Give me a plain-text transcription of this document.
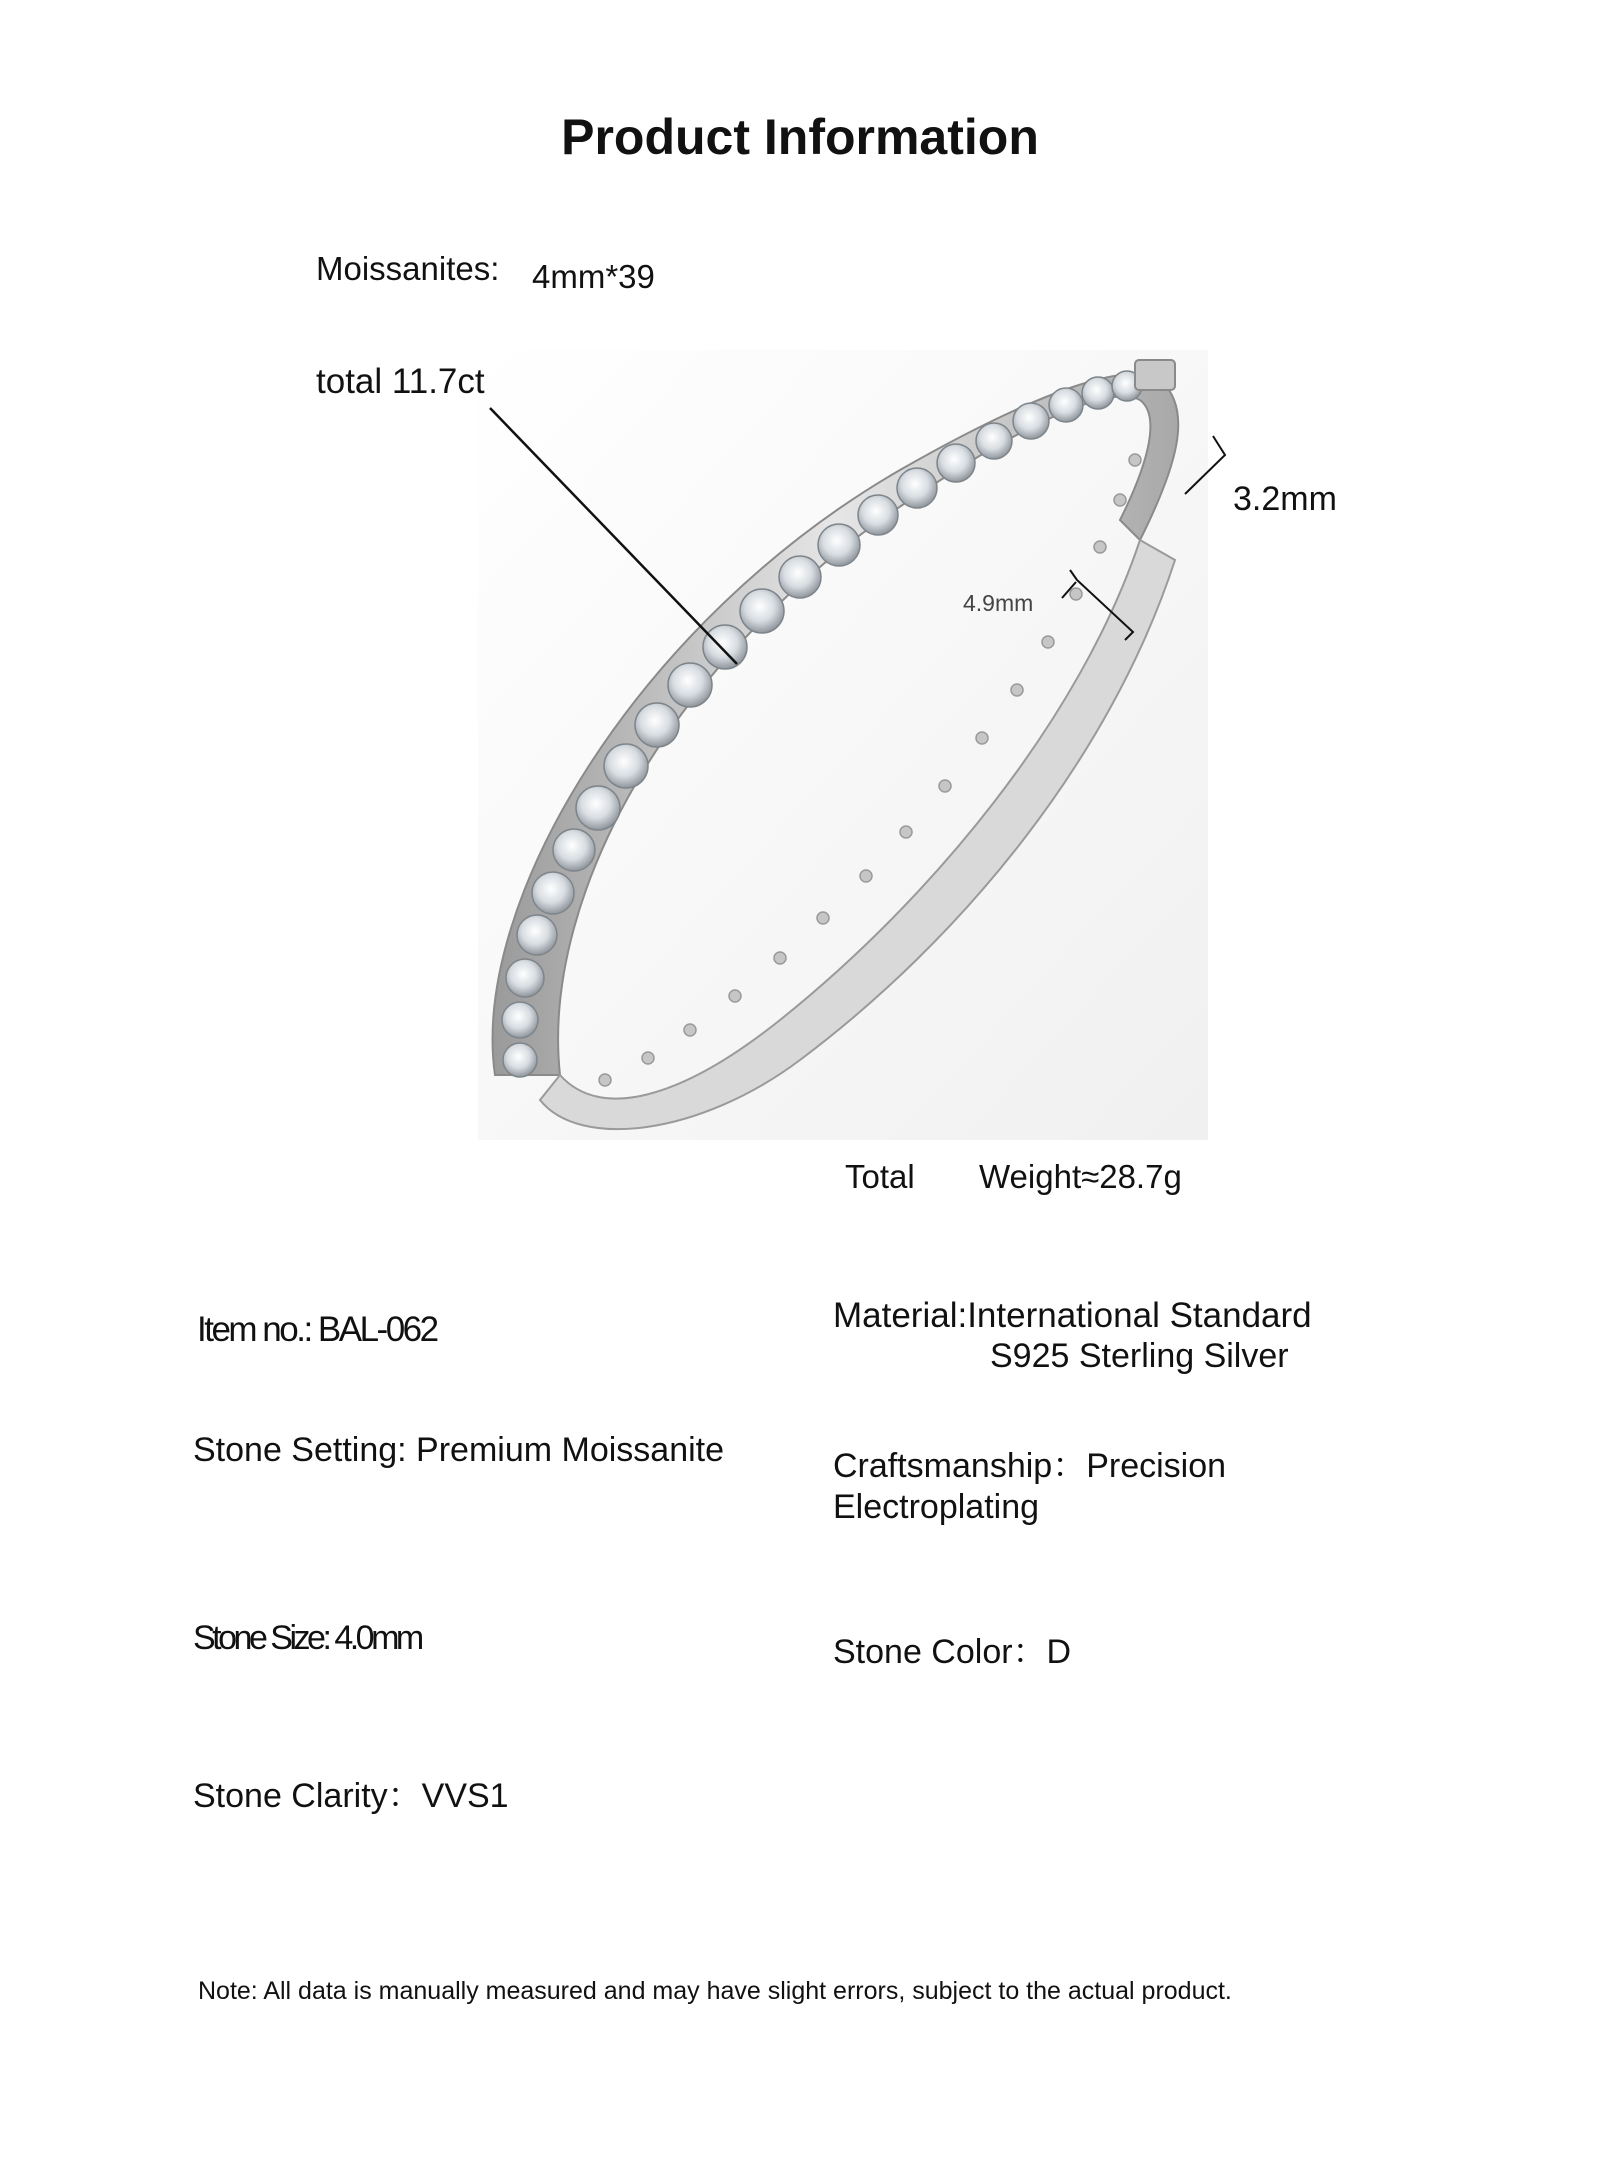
Product Information
Moissanites: 4mm*39
total 11.7ct
3.2mm
4.9mm
Total Weight≈28.7g
Item no.: BAL-062	Material:International Standard
S925 Sterling Silver
Stone Setting: Premium Moissanite	Craftsmanship：Precision
Electroplating
Stone Size: 4.0mm	Stone Color：D
Stone Clarity：VVS1
Note: All data is manually measured and may have slight errors, subject to the actual product.
